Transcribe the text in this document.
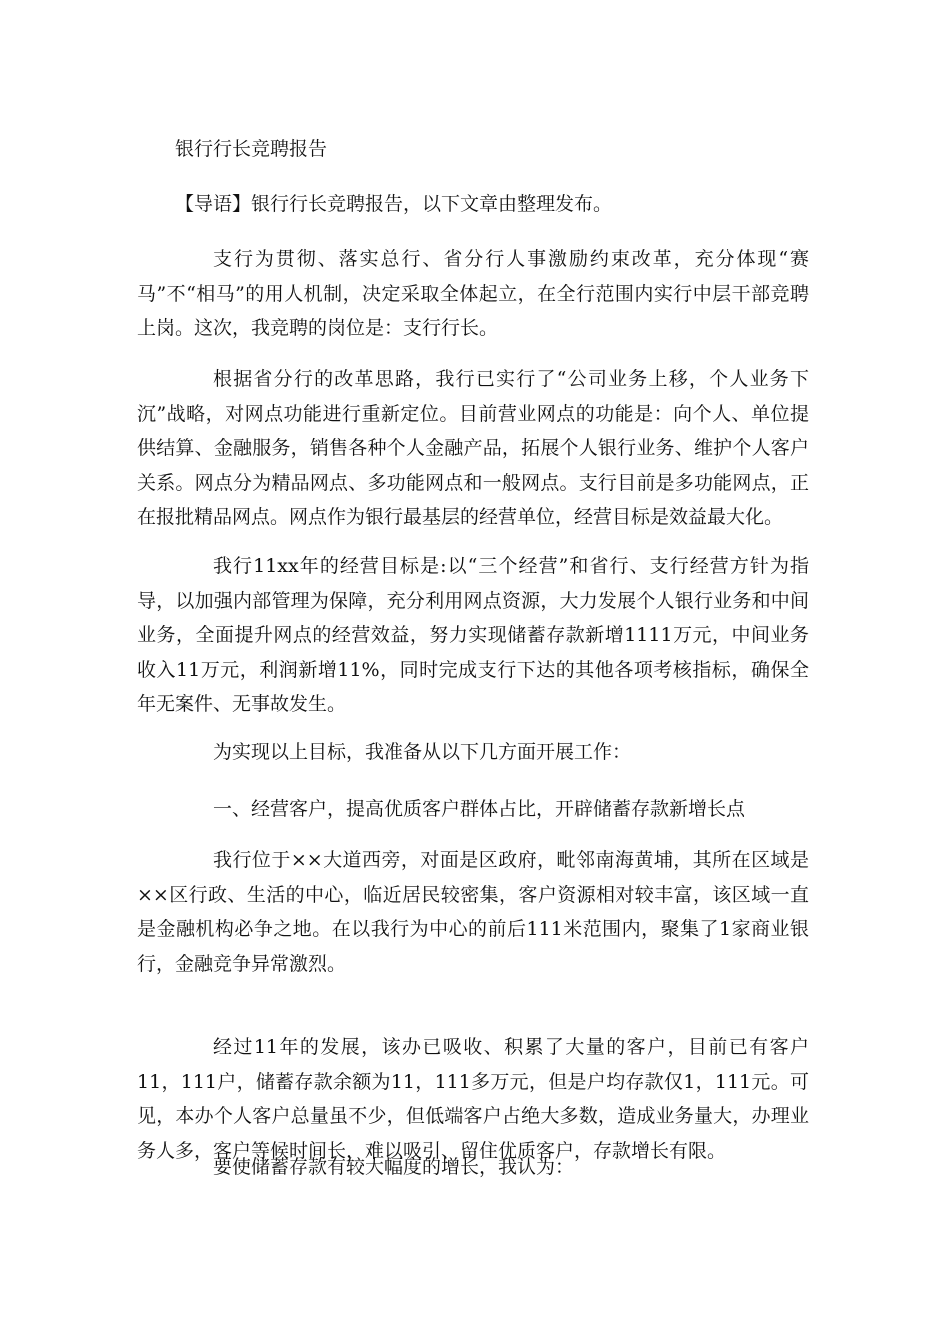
银行行长竞聘报告
【导语】银行行长竞聘报告，以下文章由整理发布。

支行为贯彻、落实总行、省分行人事激励约束改革，充分体现“赛马”不“相马”的用人机制，决定采取全体起立，在全行范围内实行中层干部竞聘上岗。这次，我竞聘的岗位是：支行行长。

根据省分行的改革思路，我行已实行了“公司业务上移，个人业务下沉”战略，对网点功能进行重新定位。目前营业网点的功能是：向个人、单位提供结算、金融服务，销售各种个人金融产品，拓展个人银行业务、维护个人客户关系。网点分为精品网点、多功能网点和一般网点。支行目前是多功能网点，正在报批精品网点。网点作为银行最基层的经营单位，经营目标是效益最大化。

我行11xx年的经营目标是:以“三个经营”和省行、支行经营方针为指导，以加强内部管理为保障，充分利用网点资源，大力发展个人银行业务和中间业务，全面提升网点的经营效益，努力实现储蓄存款新增1111万元，中间业务收入11万元，利润新增11%，同时完成支行下达的其他各项考核指标，确保全年无案件、无事故发生。

为实现以上目标，我准备从以下几方面开展工作：

一、经营客户，提高优质客户群体占比，开辟储蓄存款新增长点

我行位于××大道西旁，对面是区政府，毗邻南海黄埔，其所在区域是××区行政、生活的中心，临近居民较密集，客户资源相对较丰富，该区域一直是金融机构必争之地。在以我行为中心的前后111米范围内，聚集了1家商业银行，金融竞争异常激烈。

经过11年的发展，该办已吸收、积累了大量的客户，目前已有客户11，111户，储蓄存款余额为11，111多万元，但是户均存款仅1，111元。可见，本办个人客户总量虽不少，但低端客户占绝大多数，造成业务量大，办理业务人多，客户等候时间长，难以吸引、留住优质客户，存款增长有限。

要使储蓄存款有较大幅度的增长，我认为：
